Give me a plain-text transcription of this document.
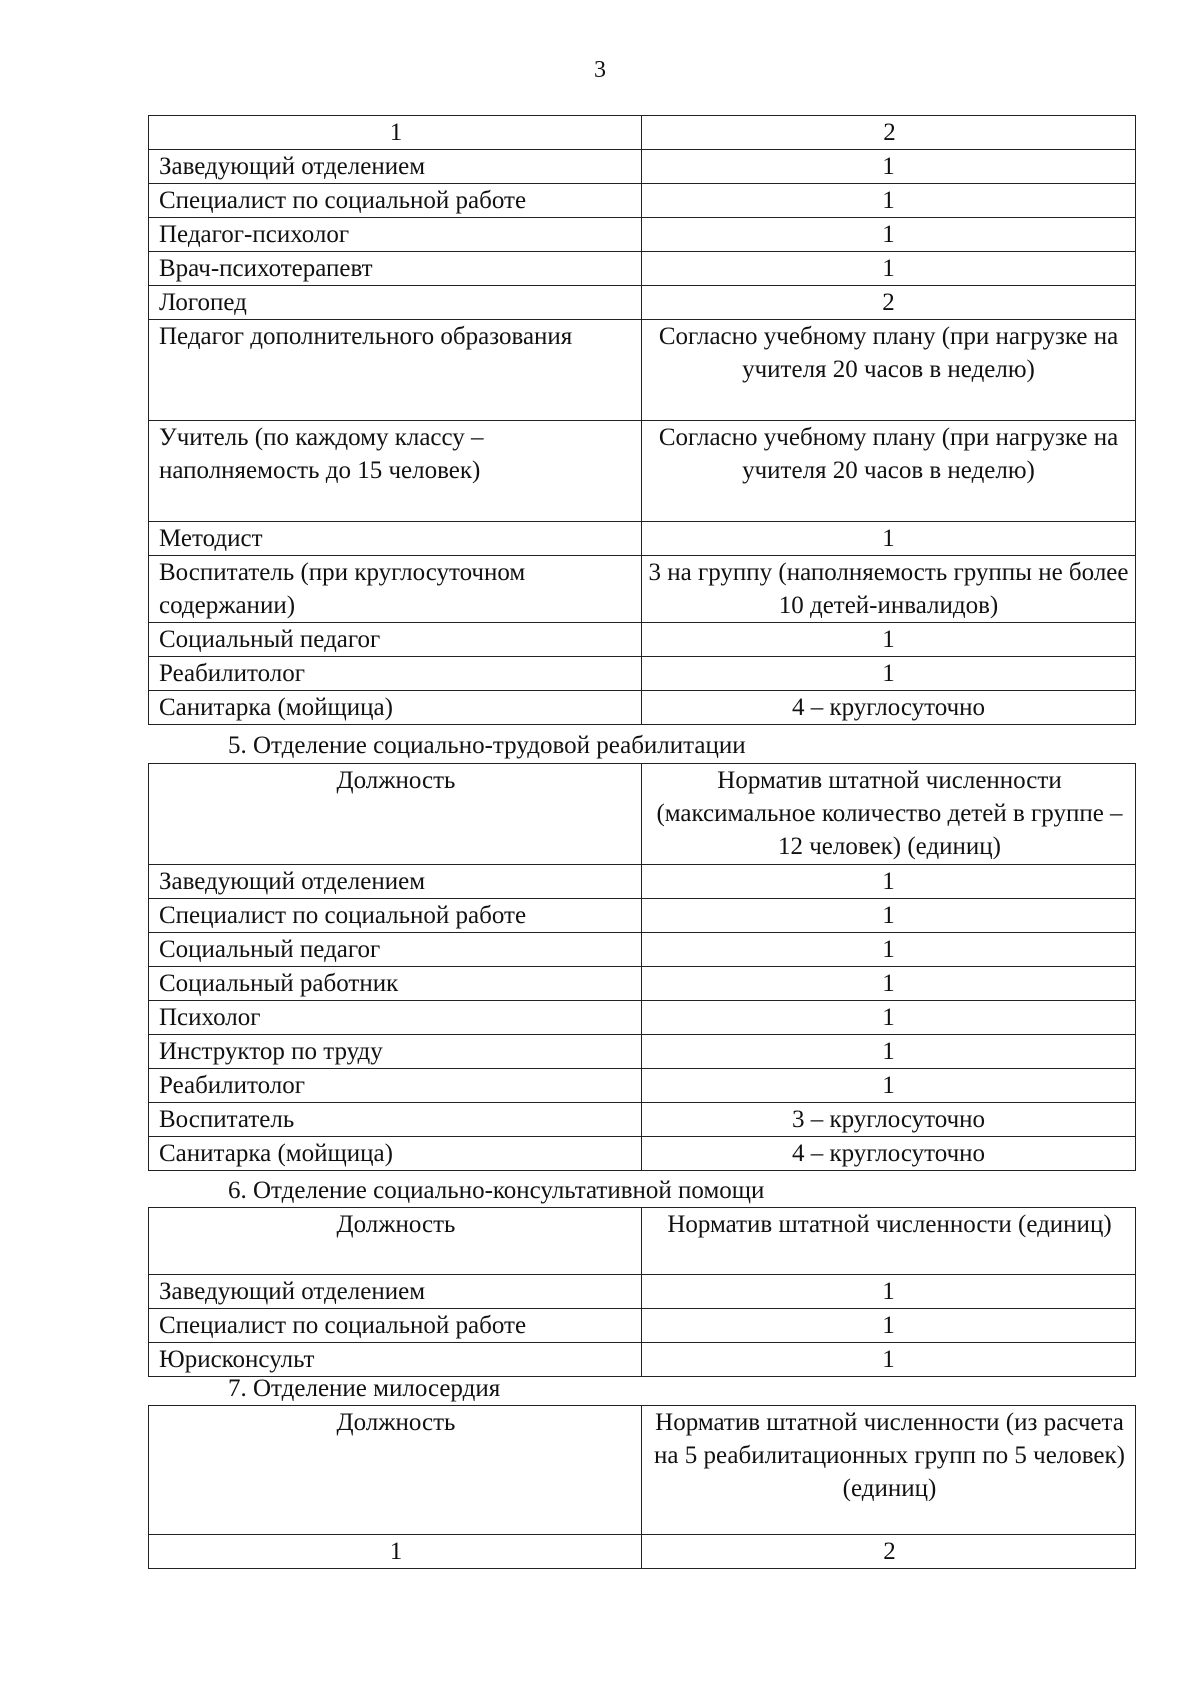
3
1	2
Заведующий отделением	1
Специалист по социальной работе	1
Педагог-психолог	1
Врач-психотерапевт	1
Логопед	2
Педагог дополнительного образования	Согласно учебному плану (при нагрузке на учителя 20 часов в неделю)
Учитель (по каждому классу – наполняемость до 15 человек)	Согласно учебному плану (при нагрузке на учителя 20 часов в неделю)
Методист	1
Воспитатель (при круглосуточном содержании)	3 на группу (наполняемость группы не более 10 детей-инвалидов)
Социальный педагог	1
Реабилитолог	1
Санитарка (мойщица)	4 – круглосуточно
5. Отделение социально-трудовой реабилитации
Должность	Норматив штатной численности (максимальное количество детей в группе – 12 человек) (единиц)
Заведующий отделением	1
Специалист по социальной работе	1
Социальный педагог	1
Социальный работник	1
Психолог	1
Инструктор по труду	1
Реабилитолог	1
Воспитатель	3 – круглосуточно
Санитарка (мойщица)	4 – круглосуточно
6. Отделение социально-консультативной помощи
Должность	Норматив штатной численности (единиц)
Заведующий отделением	1
Специалист по социальной работе	1
Юрисконсульт	1
7. Отделение милосердия
Должность	Норматив штатной численности (из расчета на 5 реабилитационных групп по 5 человек) (единиц)
1	2
